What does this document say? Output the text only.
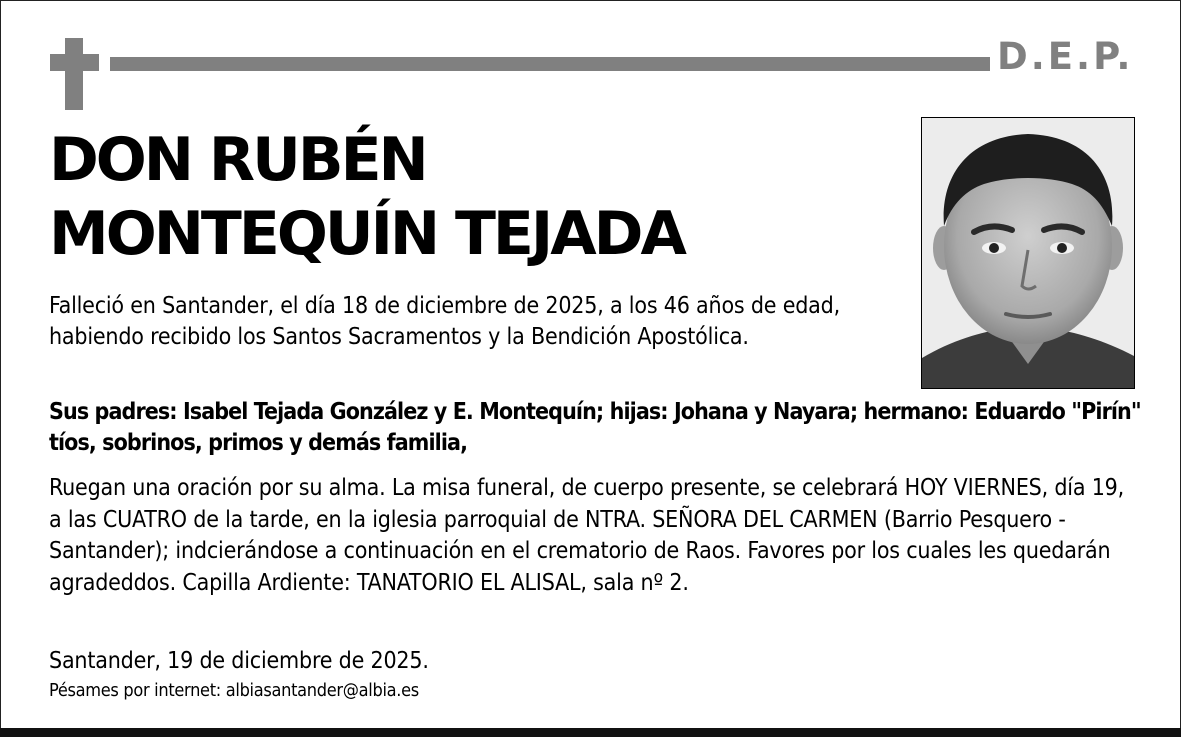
D.E.P.
DON RUBÉN
MONTEQUÍN TEJADA

Falleció en Santander, el día 18 de diciembre de 2025, a los 46 años de edad, habiendo recibido los Santos Sacramentos y la Bendición Apostólica.

Sus padres: Isabel Tejada González y E. Montequín; hijas: Johana y Nayara; hermano: Eduardo "Pirín" tíos, sobrinos, primos y demás familia,

Ruegan una oración por su alma. La misa funeral, de cuerpo presente, se celebrará HOY VIERNES, día 19, a las CUATRO de la tarde, en la iglesia parroquial de NTRA. SEÑORA DEL CARMEN (Barrio Pesquero - Santander); indcierándose a continuación en el crematorio de Raos. Favores por los cuales les quedarán agradeddos. Capilla Ardiente: TANATORIO EL ALISAL, sala nº 2.

Santander, 19 de diciembre de 2025.

Pésames por internet: albiasantander@albia.es
